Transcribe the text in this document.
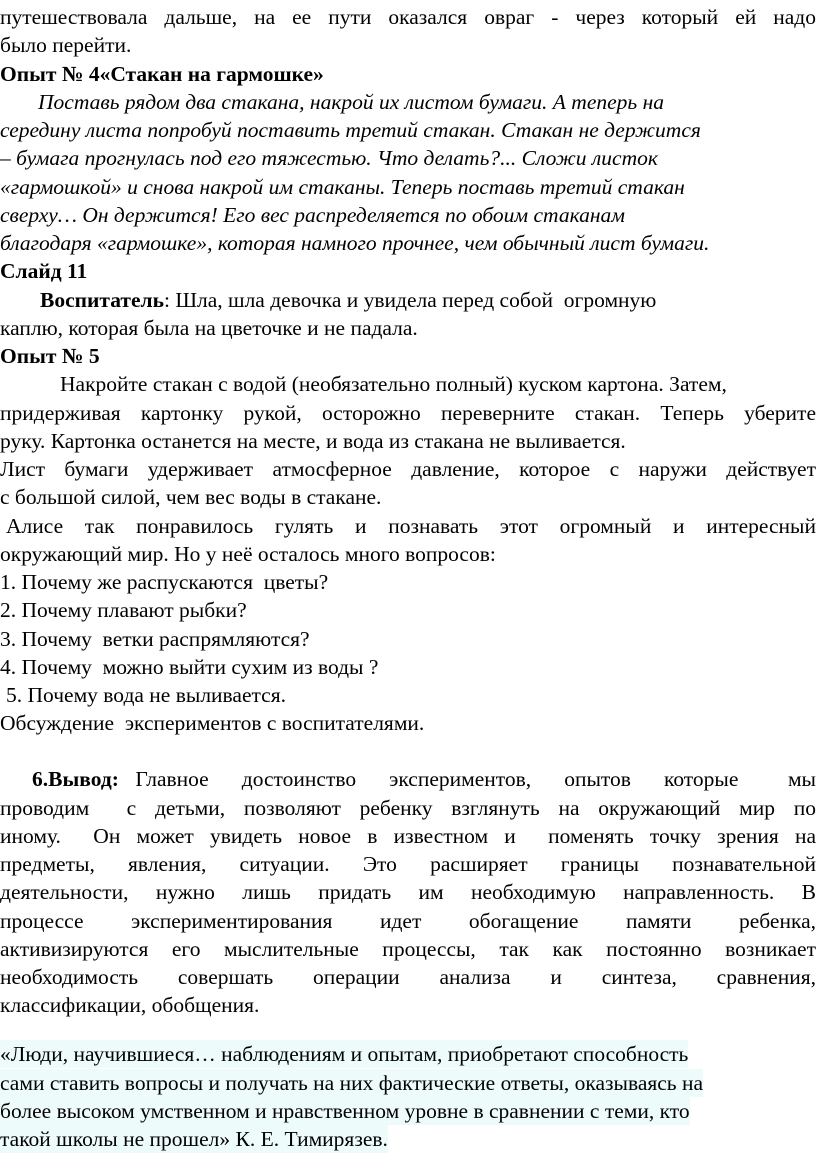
путешествовала дальше, на ее пути оказался овраг - через который ей надо

было перейти.

Опыт № 4«Стакан на гармошке»

Поставь рядом два стакана, накрой их листом бумаги. А теперь на

середину листа попробуй поставить третий стакан. Стакан не держится

– бумага прогнулась под его тяжестью. Что делать?... Сложи листок

«гармошкой» и снова накрой им стаканы. Теперь поставь третий стакан

сверху… Он держится! Его вес распределяется по обоим стаканам

благодаря «гармошке», которая намного прочнее, чем обычный лист бумаги.

Слайд 11

Воспитатель: Шла, шла девочка и увидела перед собой  огромную

каплю, которая была на цветочке и не падала.

Опыт № 5

Накройте стакан с водой (необязательно полный) куском картона. Затем,

придерживая картонку рукой, осторожно переверните стакан. Теперь уберите

руку. Картонка останется на месте, и вода из стакана не выливается.

Лист бумаги удерживает атмосферное давление, которое с наружи действует

с большой силой, чем вес воды в стакане.

Алисе  так  понравилось  гулять  и  познавать  этот  огромный  и  интересный

окружающий мир. Но у неё осталось много вопросов:

1. Почему же распускаются  цветы?

2. Почему плавают рыбки?

3. Почему  ветки распрямляются?

4. Почему  можно выйти сухим из воды ?

5. Почему вода не выливается.

Обсуждение  экспериментов с воспитателями.

6.Вывод: Главное  достоинство  экспериментов,  опытов  которые   мы

проводим  с детьми, позволяют ребенку взглянуть на окружающий мир по

иному.  Он может увидеть новое в известном и  поменять точку зрения на

предметы,  явления,  ситуации.  Это  расширяет  границы  познавательной

деятельности,  нужно  лишь  придать  им  необходимую  направленность.  В

процессе    экспериментирования    идет    обогащение    памяти    ребенка,

активизируются его мыслительные процессы, так как постоянно возникает

необходимость    совершать    операции    анализа    и    синтеза,    сравнения,

классификации, обобщения.

«Люди, научившиеся… наблюдениям и опытам, приобретают способность

сами ставить вопросы и получать на них фактические ответы, оказываясь на

более высоком умственном и нравственном уровне в сравнении с теми, кто

такой школы не прошел» К. Е. Тимирязев.
